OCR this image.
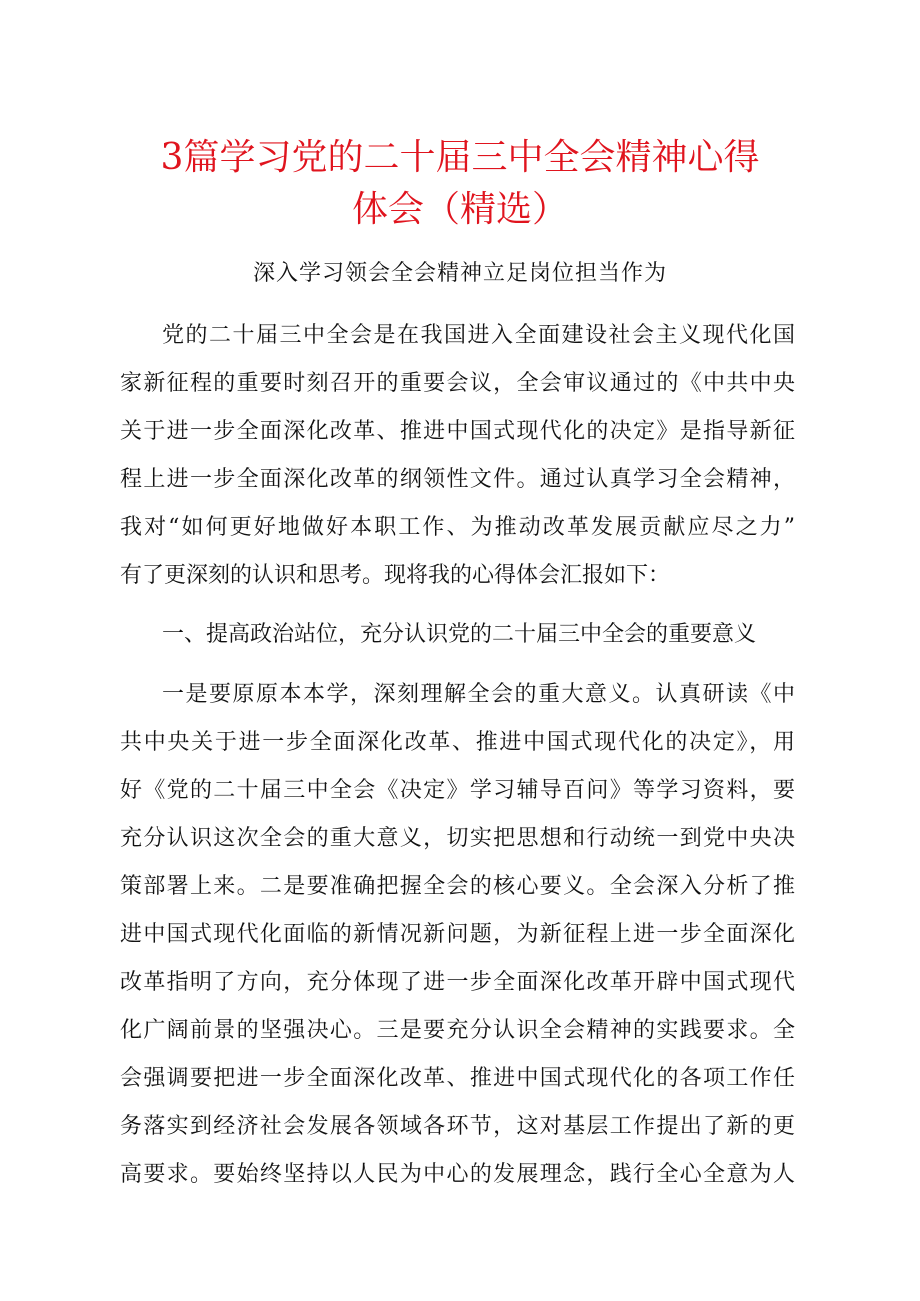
3篇学习党的二十届三中全会精神心得
体会（精选）

深入学习领会全会精神立足岗位担当作为

党的二十届三中全会是在我国进入全面建设社会主义现代化国

家新征程的重要时刻召开的重要会议，全会审议通过的《中共中央

关于进一步全面深化改革、推进中国式现代化的决定》是指导新征

程上进一步全面深化改革的纲领性文件。通过认真学习全会精神，

我对“如何更好地做好本职工作、为推动改革发展贡献应尽之力”

有了更深刻的认识和思考。现将我的心得体会汇报如下：

一、提高政治站位，充分认识党的二十届三中全会的重要意义

一是要原原本本学，深刻理解全会的重大意义。认真研读《中

共中央关于进一步全面深化改革、推进中国式现代化的决定》，用

好《党的二十届三中全会《决定》学习辅导百问》等学习资料，要

充分认识这次全会的重大意义，切实把思想和行动统一到党中央决

策部署上来。二是要准确把握全会的核心要义。全会深入分析了推

进中国式现代化面临的新情况新问题，为新征程上进一步全面深化

改革指明了方向，充分体现了进一步全面深化改革开辟中国式现代

化广阔前景的坚强决心。三是要充分认识全会精神的实践要求。全

会强调要把进一步全面深化改革、推进中国式现代化的各项工作任

务落实到经济社会发展各领域各环节，这对基层工作提出了新的更

高要求。要始终坚持以人民为中心的发展理念，践行全心全意为人
